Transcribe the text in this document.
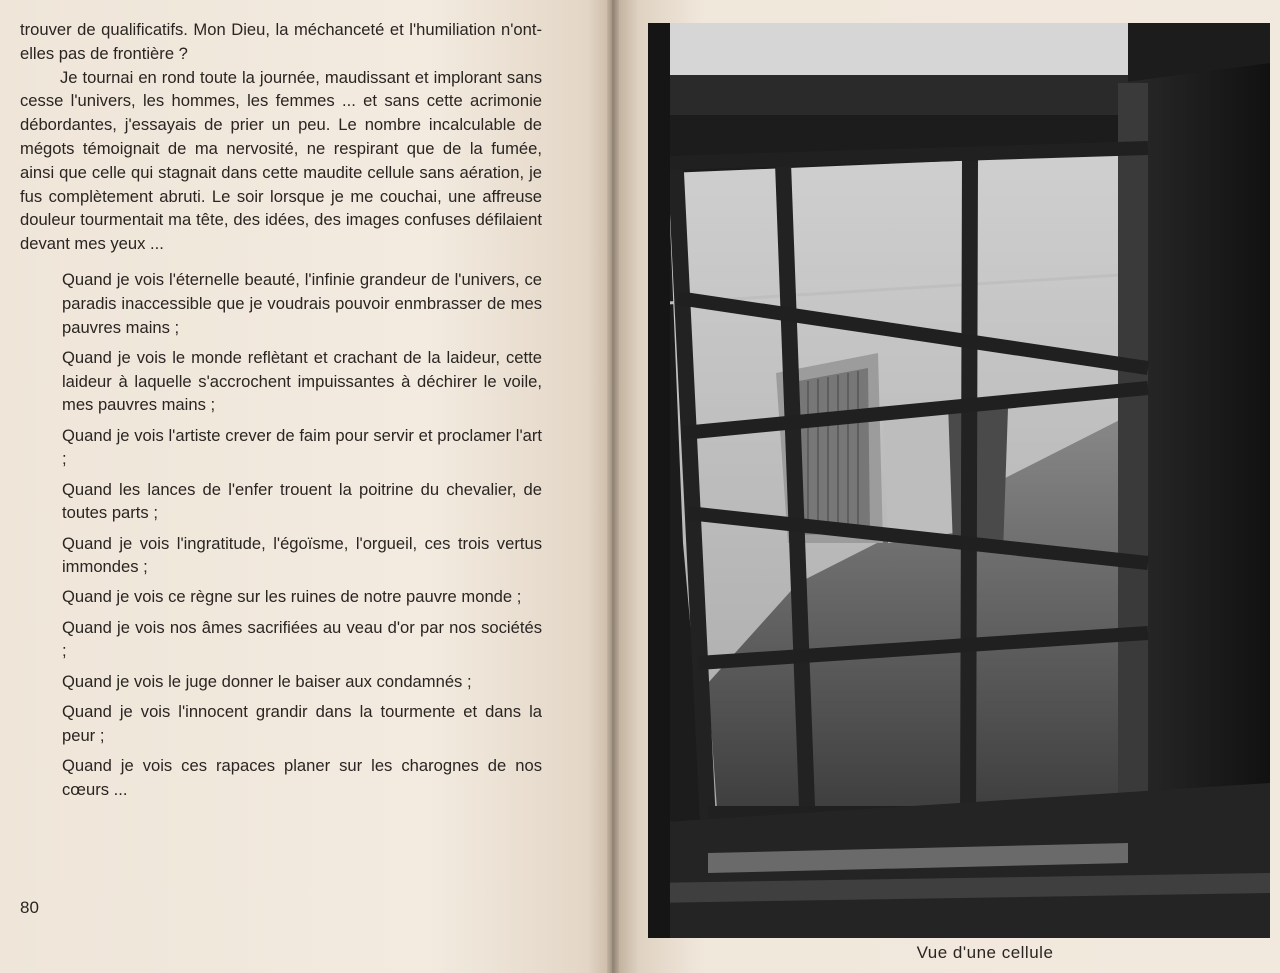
trouver de qualificatifs. Mon Dieu, la méchanceté et l'humiliation n'ont-elles pas de frontière ?

Je tournai en rond toute la journée, maudissant et implorant sans cesse l'univers, les hommes, les femmes ... et sans cette acrimonie débordantes, j'essayais de prier un peu. Le nombre incalculable de mégots témoignait de ma nervosité, ne respirant que de la fumée, ainsi que celle qui stagnait dans cette maudite cellule sans aération, je fus complètement abruti. Le soir lorsque je me couchai, une affreuse douleur tourmentait ma tête, des idées, des images confuses défilaient devant mes yeux ...

Quand je vois l'éternelle beauté, l'infinie grandeur de l'univers, ce paradis inaccessible que je voudrais pouvoir enmbrasser de mes pauvres mains ;

Quand je vois le monde reflètant et crachant de la laideur, cette laideur à laquelle s'accrochent impuissantes à déchirer le voile, mes pauvres mains ;

Quand je vois l'artiste crever de faim pour servir et proclamer l'art ;

Quand les lances de l'enfer trouent la poitrine du chevalier, de toutes parts ;

Quand je vois l'ingratitude, l'égoïsme, l'orgueil, ces trois vertus immondes ;

Quand je vois ce règne sur les ruines de notre pauvre monde ;

Quand je vois nos âmes sacrifiées au veau d'or par nos sociétés ;

Quand je vois le juge donner le baiser aux condamnés ;

Quand je vois l'innocent grandir dans la tourmente et dans la peur ;

Quand je vois ces rapaces planer sur les charognes de nos cœurs ...

80
Vue d'une cellule
